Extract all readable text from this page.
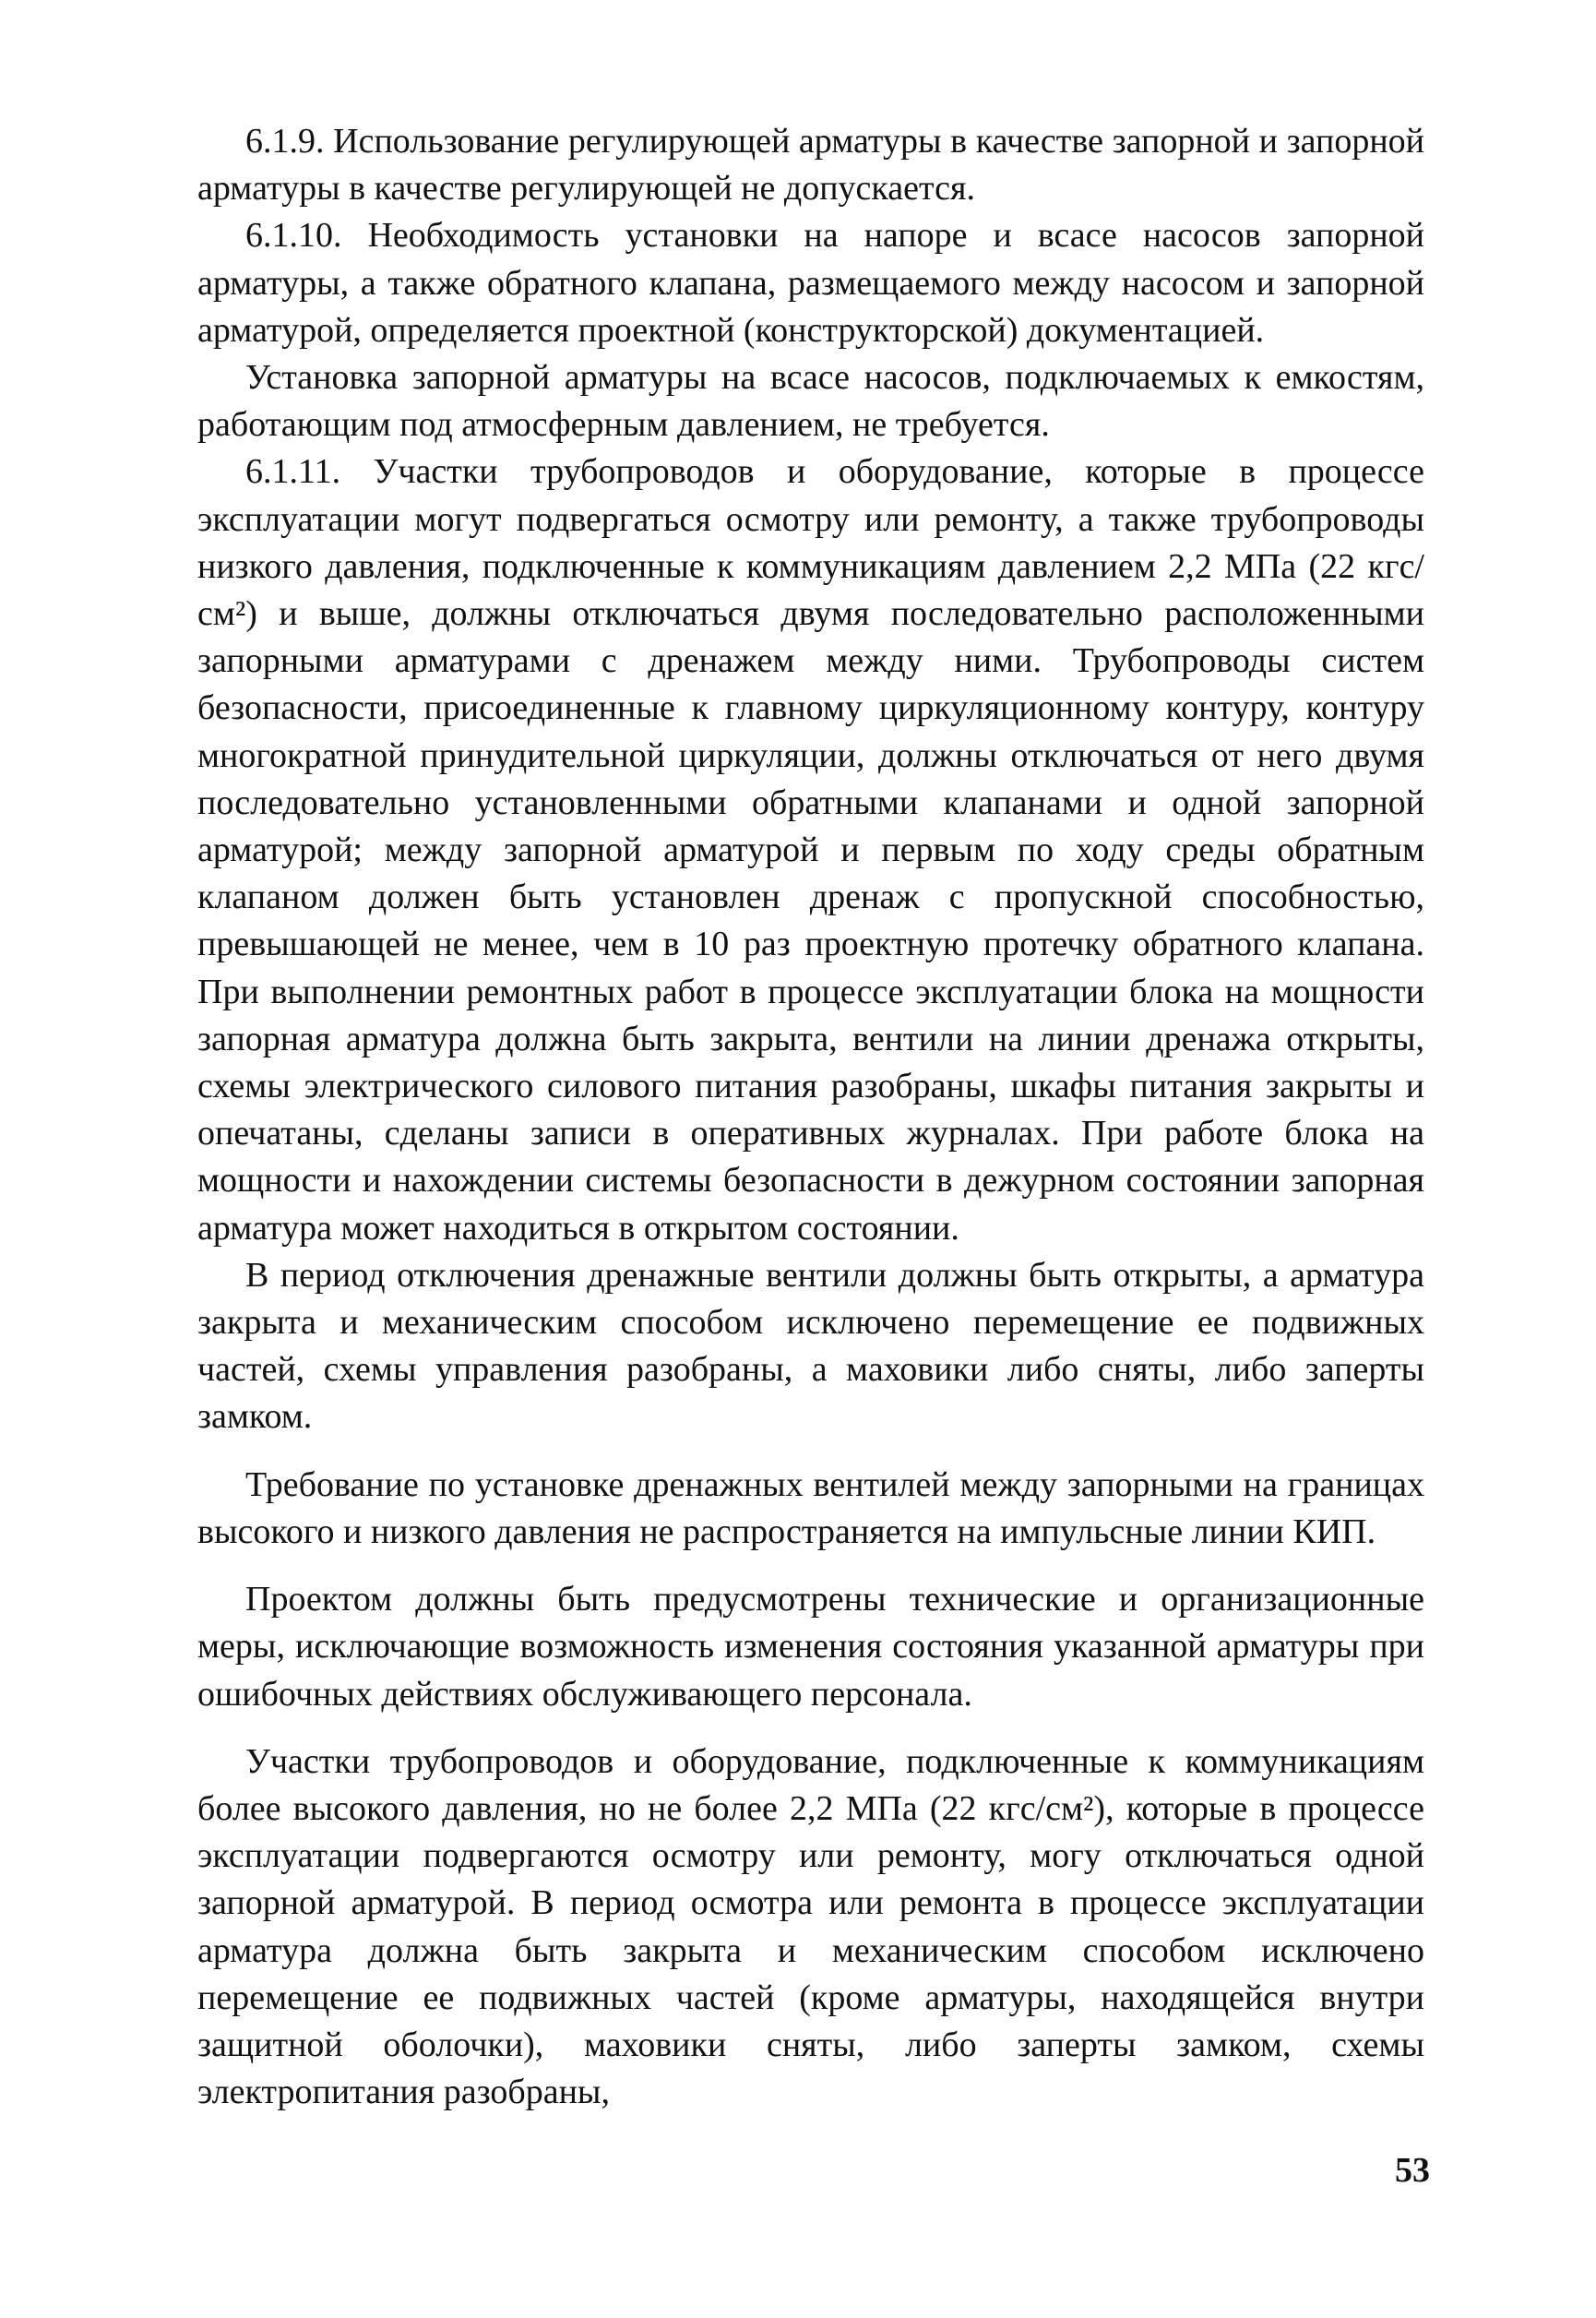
6.1.9. Использование регулирующей арматуры в качестве запорной и запорной арматуры в качестве регулирующей не допускается.

6.1.10. Необходимость установки на напоре и всасе насосов запорной арматуры, а также обратного клапана, размещаемого между насосом и запорной арматурой, определяется проектной (конструкторской) документацией.

Установка запорной арматуры на всасе насосов, подключаемых к емкостям, работающим под атмосферным давлением, не требуется.

6.1.11. Участки трубопроводов и оборудование, которые в процессе эксплуатации могут подвергаться осмотру или ремонту, а также трубопроводы низкого давления, подключенные к коммуникациям давлением 2,2 МПа (22 кгс/см²) и выше, должны отключаться двумя последовательно расположенными запорными арматурами с дренажем между ними. Трубопроводы систем безопасности, присоединенные к главному циркуляционному контуру, контуру многократной принудительной циркуляции, должны отключаться от него двумя последовательно установленными обратными клапанами и одной запорной арматурой; между запорной арматурой и первым по ходу среды обратным клапаном должен быть установлен дренаж с пропускной способностью, превышающей не менее, чем в 10 раз проектную протечку обратного клапана. При выполнении ремонтных работ в процессе эксплуатации блока на мощности запорная арматура должна быть закрыта, вентили на линии дренажа открыты, схемы электрического силового питания разобраны, шкафы питания закрыты и опечатаны, сделаны записи в оперативных журналах. При работе блока на мощности и нахождении системы безопасности в дежурном состоянии запорная арматура может находиться в открытом состоянии.

В период отключения дренажные вентили должны быть открыты, а арматура закрыта и механическим способом исключено перемещение ее подвижных частей, схемы управления разобраны, а маховики либо сняты, либо заперты замком.

Требование по установке дренажных вентилей между запорными на границах высокого и низкого давления не распространяется на импульсные линии КИП.

Проектом должны быть предусмотрены технические и организационные меры, исключающие возможность изменения состояния указанной арматуры при ошибочных действиях обслуживающего персонала.

Участки трубопроводов и оборудование, подключенные к коммуникациям более высокого давления, но не более 2,2 МПа (22 кгс/см²), которые в процессе эксплуатации подвергаются осмотру или ремонту, могу отключаться одной запорной арматурой. В период осмотра или ремонта в процессе эксплуатации арматура должна быть закрыта и механическим способом исключено перемещение ее подвижных частей (кроме арматуры, находящейся внутри защитной оболочки), маховики сняты, либо заперты замком, схемы электропитания разобраны,

53
